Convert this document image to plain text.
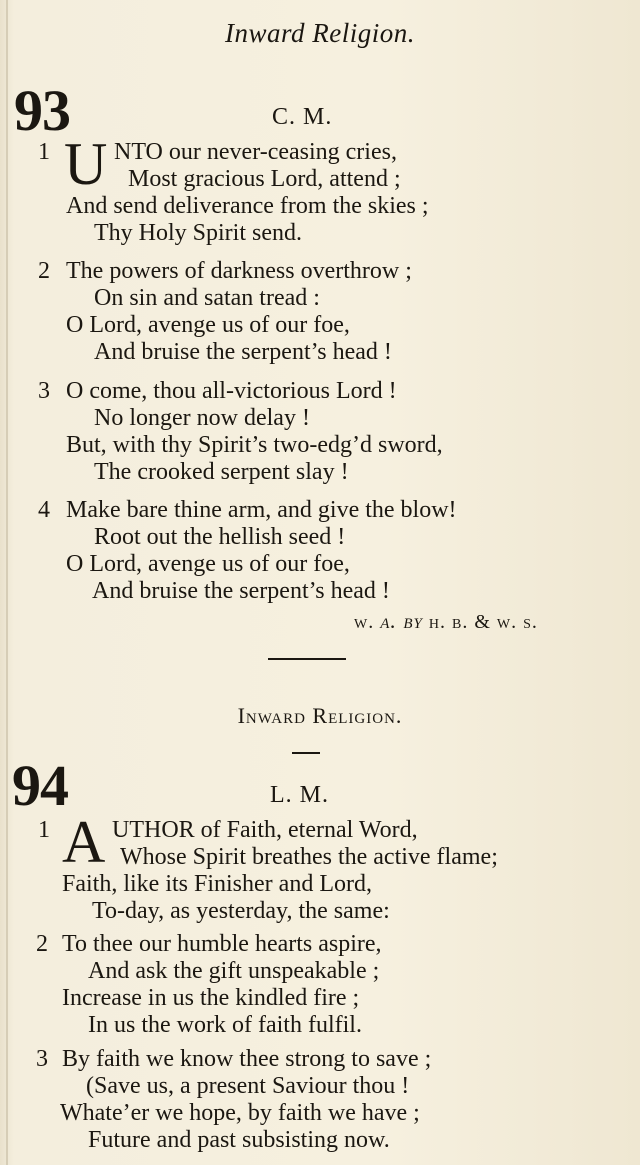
Inward Religion.
93	C. M.
1 U NTO our never-ceasing cries,
Most gracious Lord, attend ;
And send deliverance from the skies ;
Thy Holy Spirit send.
2 The powers of darkness overthrow ;
On sin and satan tread :
O Lord, avenge us of our foe,
And bruise the serpent’s head !
3 O come, thou all-victorious Lord !
No longer now delay !
But, with thy Spirit’s two-edg’d sword,
The crooked serpent slay !
4 Make bare thine arm, and give the blow!
Root out the hellish seed !
O Lord, avenge us of our foe,
And bruise the serpent’s head !
w. a. by h. b. & w. s.
Inward Religion.
94	L. M.
1 A UTHOR of Faith, eternal Word,
Whose Spirit breathes the active flame;
Faith, like its Finisher and Lord,
To-day, as yesterday, the same:
2 To thee our humble hearts aspire,
And ask the gift unspeakable ;
Increase in us the kindled fire ;
In us the work of faith fulfil.
3 By faith we know thee strong to save ;
(Save us, a present Saviour thou !
Whate’er we hope, by faith we have ;
Future and past subsisting now.
